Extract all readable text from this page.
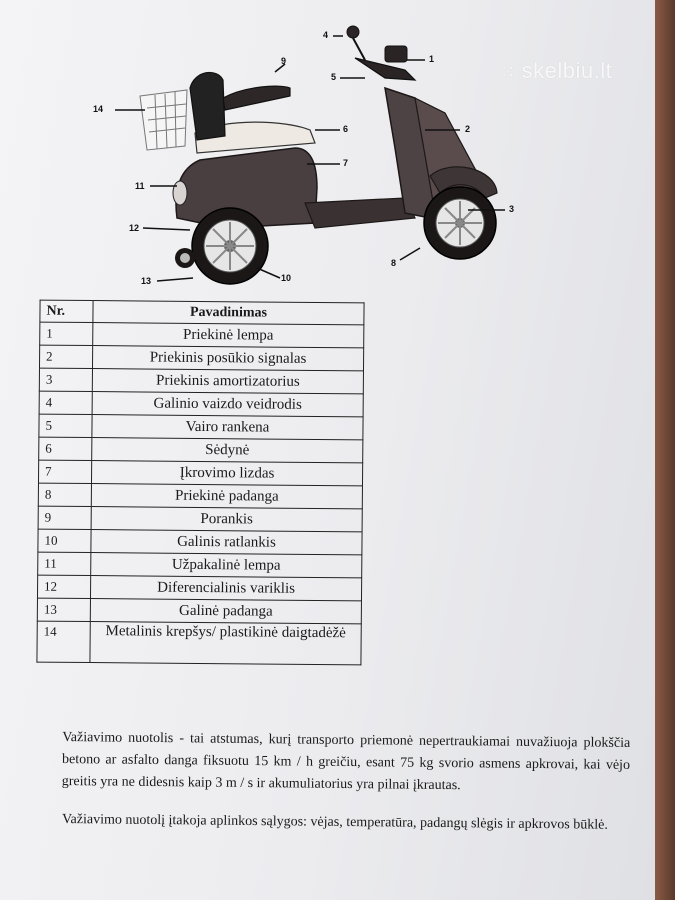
⁙ skelbiu.lt
1
2
3
4
5
6
7
8
9
10
11
12
13
14
Nr.	Pavadinimas
1	Priekinė lempa
2	Priekinis posūkio signalas
3	Priekinis amortizatorius
4	Galinio vaizdo veidrodis
5	Vairo rankena
6	Sėdynė
7	Įkrovimo lizdas
8	Priekinė padanga
9	Porankis
10	Galinis ratlankis
11	Užpakalinė lempa
12	Diferencialinis variklis
13	Galinė padanga
14	Metalinis krepšys/ plastikinė daigtadėžė

Važiavimo nuotolis - tai atstumas, kurį transporto priemonė nepertraukiamai nuvažiuoja plokščia betono ar asfalto danga fiksuotu 15 km / h greičiu, esant 75 kg svorio asmens apkrovai, kai vėjo greitis yra ne didesnis kaip 3 m / s ir akumuliatorius yra pilnai įkrautas.

Važiavimo nuotolį įtakoja aplinkos sąlygos: vėjas, temperatūra, padangų slėgis ir apkrovos būklė.
